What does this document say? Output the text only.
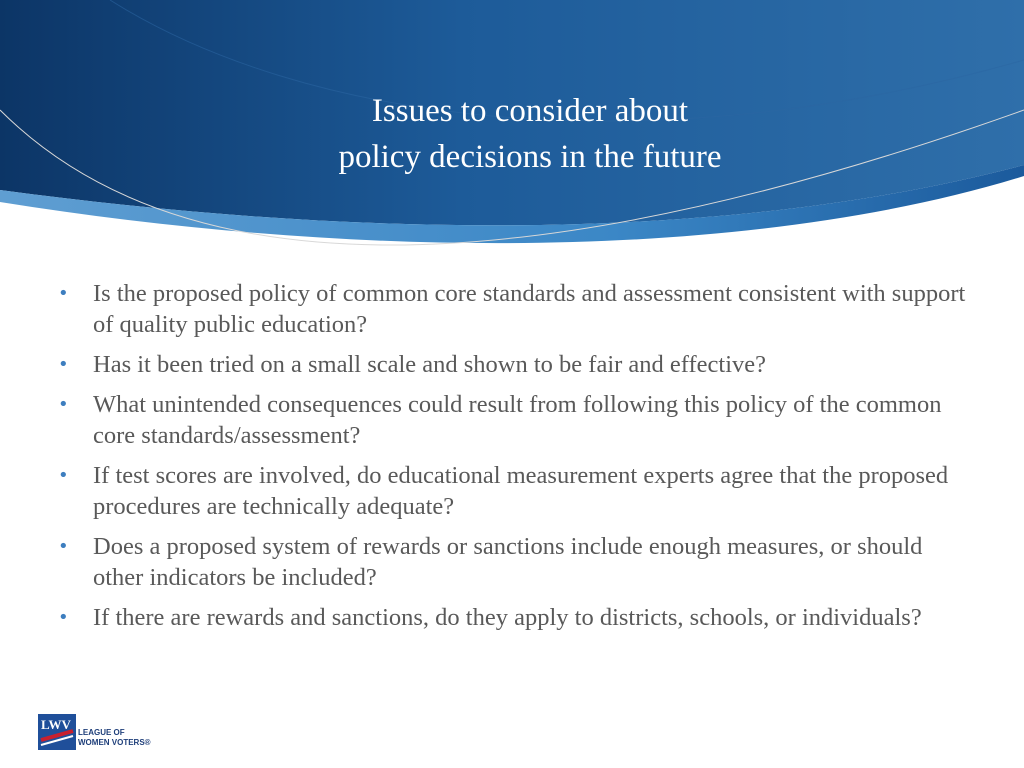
Issues to consider about
policy decisions in the future
• Is the proposed policy of common core standards and assessment consistent with support of quality public education?
• Has it been tried on a small scale and shown to be fair and effective?
• What unintended consequences could result from following this policy of the common core standards/assessment?
• If test scores are involved, do educational measurement experts agree that the proposed procedures are technically adequate?
• Does a proposed system of rewards or sanctions include enough measures, or should other indicators be included?
• If there are rewards and sanctions, do they apply to districts, schools, or individuals?
LWV
LEAGUE OF
WOMEN VOTERS®
